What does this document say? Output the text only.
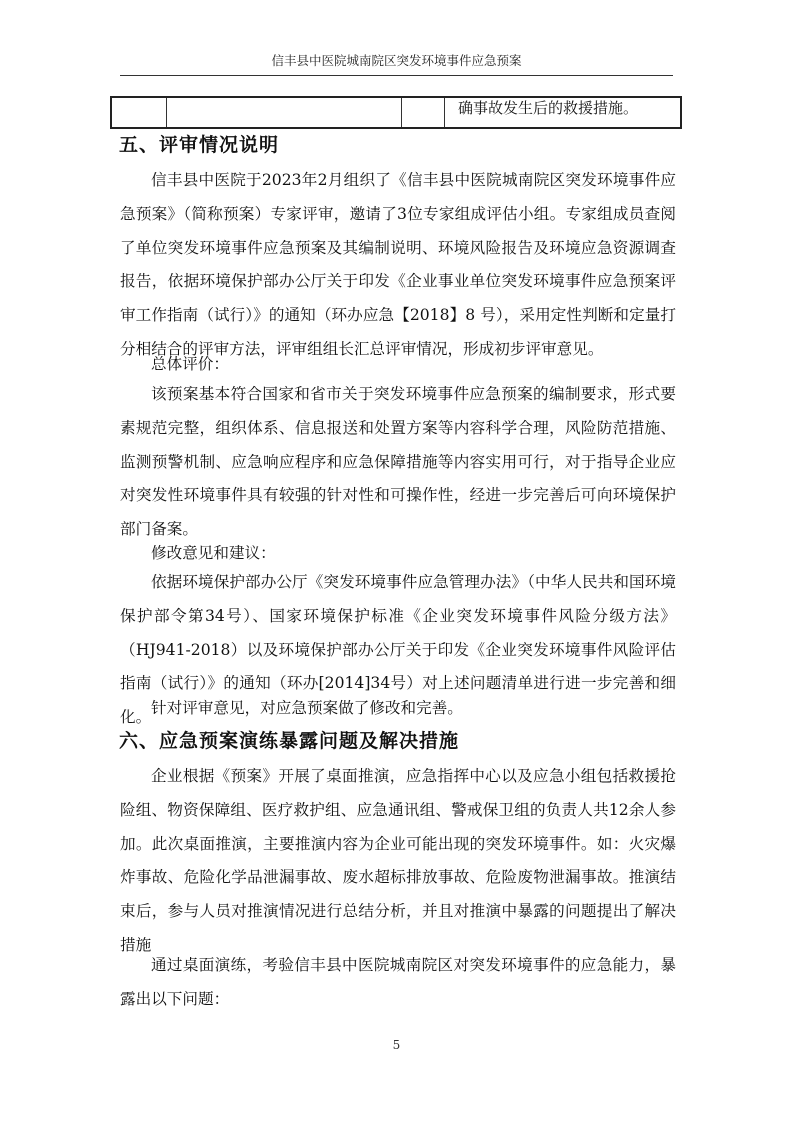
信丰县中医院城南院区突发环境事件应急预案
确事故发生后的救援措施。
五、评审情况说明

信丰县中医院于2023年2月组织了《信丰县中医院城南院区突发环境事件应急预案》（简称预案）专家评审，邀请了3位专家组成评估小组。专家组成员查阅了单位突发环境事件应急预案及其编制说明、环境风险报告及环境应急资源调查报告，依据环境保护部办公厅关于印发《企业事业单位突发环境事件应急预案评审工作指南（试行）》的通知（环办应急【2018】8 号），采用定性判断和定量打分相结合的评审方法，评审组组长汇总评审情况，形成初步评审意见。

总体评价：

该预案基本符合国家和省市关于突发环境事件应急预案的编制要求，形式要素规范完整，组织体系、信息报送和处置方案等内容科学合理，风险防范措施、监测预警机制、应急响应程序和应急保障措施等内容实用可行，对于指导企业应对突发性环境事件具有较强的针对性和可操作性，经进一步完善后可向环境保护部门备案。

修改意见和建议：

依据环境保护部办公厅《突发环境事件应急管理办法》（中华人民共和国环境保护部令第34号）、国家环境保护标准《企业突发环境事件风险分级方法》（HJ941-2018）以及环境保护部办公厅关于印发《企业突发环境事件风险评估指南（试行）》的通知（环办[2014]34号）对上述问题清单进行进一步完善和细化。

针对评审意见，对应急预案做了修改和完善。
六、应急预案演练暴露问题及解决措施

企业根据《预案》开展了桌面推演，应急指挥中心以及应急小组包括救援抢险组、物资保障组、医疗救护组、应急通讯组、警戒保卫组的负责人共12余人参加。此次桌面推演，主要推演内容为企业可能出现的突发环境事件。如：火灾爆炸事故、危险化学品泄漏事故、废水超标排放事故、危险废物泄漏事故。推演结束后，参与人员对推演情况进行总结分析，并且对推演中暴露的问题提出了解决措施

通过桌面演练，考验信丰县中医院城南院区对突发环境事件的应急能力，暴露出以下问题：

5
